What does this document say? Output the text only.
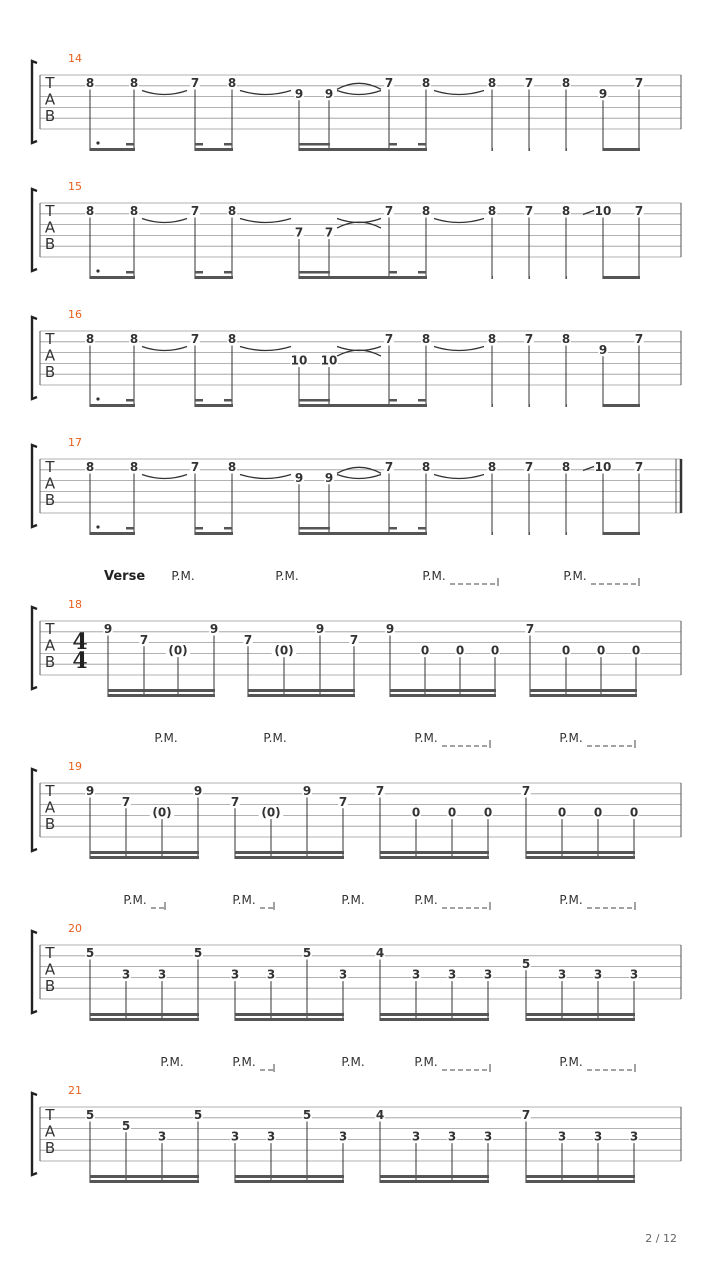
14
T
A
B
8	8	7 8
9 9
7 8	8 7 8
9
7
15
T
A
B
8	8	7 8
7 7
7 8	8 7 8 10 7
16
T
A
B
8	8	7 8
10 10
7 8	8 7 8
9
7
17
T
A
B
8	8	7 8
9 9
7 8	8 7 8 10 7
18
T
A
B
4
4
9
7
(0)
9
7
(0)
9
7
9
0 0 0
7
0 0 0
19
T
A
B
9
7
(0)
9
7
(0)
9
7
7
0 0 0
7
0 0 0
20
T
A
B
5
3 3
5
3 3
5
3
4
3 3 3
5
3 3 3
21
T
A
B
5
5
3
5
3 3
5
3
4
3 3 3
7
3 3 3
Verse P.M.	P.M.	P.M.	P.M.
P.M.	P.M.	P.M.	P.M.
P.M.	P.M.	P.M.	P.M.	P.M.
P.M.	P.M.	P.M.	P.M.	P.M.
2 / 12
